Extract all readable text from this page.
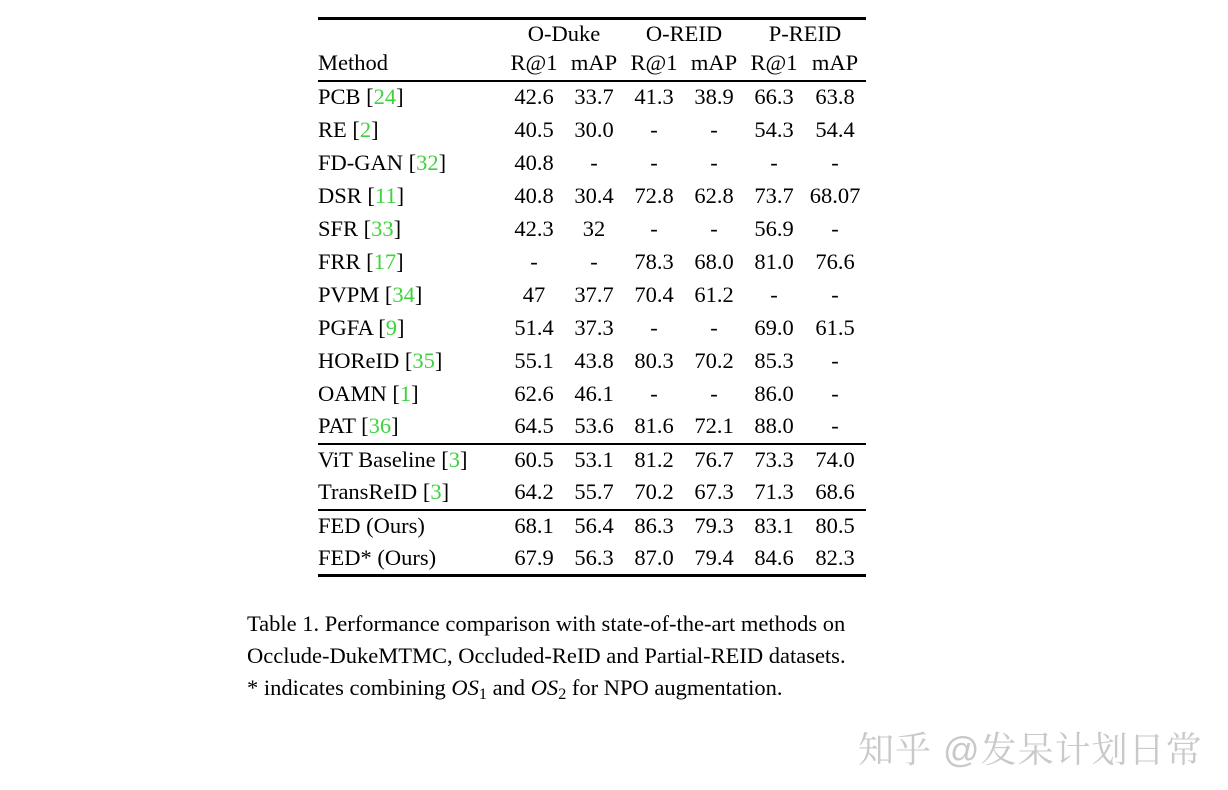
	O-Duke		O-REID		P-REID	
Method	R@1	mAP	R@1	mAP	R@1	mAP
PCB [24]	42.6	33.7	41.3	38.9	66.3	63.8
RE [2]	40.5	30.0	-	-	54.3	54.4
FD-GAN [32]	40.8	-	-	-	-	-
DSR [11]	40.8	30.4	72.8	62.8	73.7	68.07
SFR [33]	42.3	32	-	-	56.9	-
FRR [17]	-	-	78.3	68.0	81.0	76.6
PVPM [34]	47	37.7	70.4	61.2	-	-
PGFA [9]	51.4	37.3	-	-	69.0	61.5
HOReID [35]	55.1	43.8	80.3	70.2	85.3	-
OAMN [1]	62.6	46.1	-	-	86.0	-
PAT [36]	64.5	53.6	81.6	72.1	88.0	-
ViT Baseline [3]	60.5	53.1	81.2	76.7	73.3	74.0
TransReID [3]	64.2	55.7	70.2	67.3	71.3	68.6
FED (Ours)	68.1	56.4	86.3	79.3	83.1	80.5
FED* (Ours)	67.9	56.3	87.0	79.4	84.6	82.3
Table 1. Performance comparison with state-of-the-art methods on
Occlude-DukeMTMC, Occluded-ReID and Partial-REID datasets.
* indicates combining $OS_1$ and $OS_2$ for NPO augmentation.
知乎 @发呆计划日常
